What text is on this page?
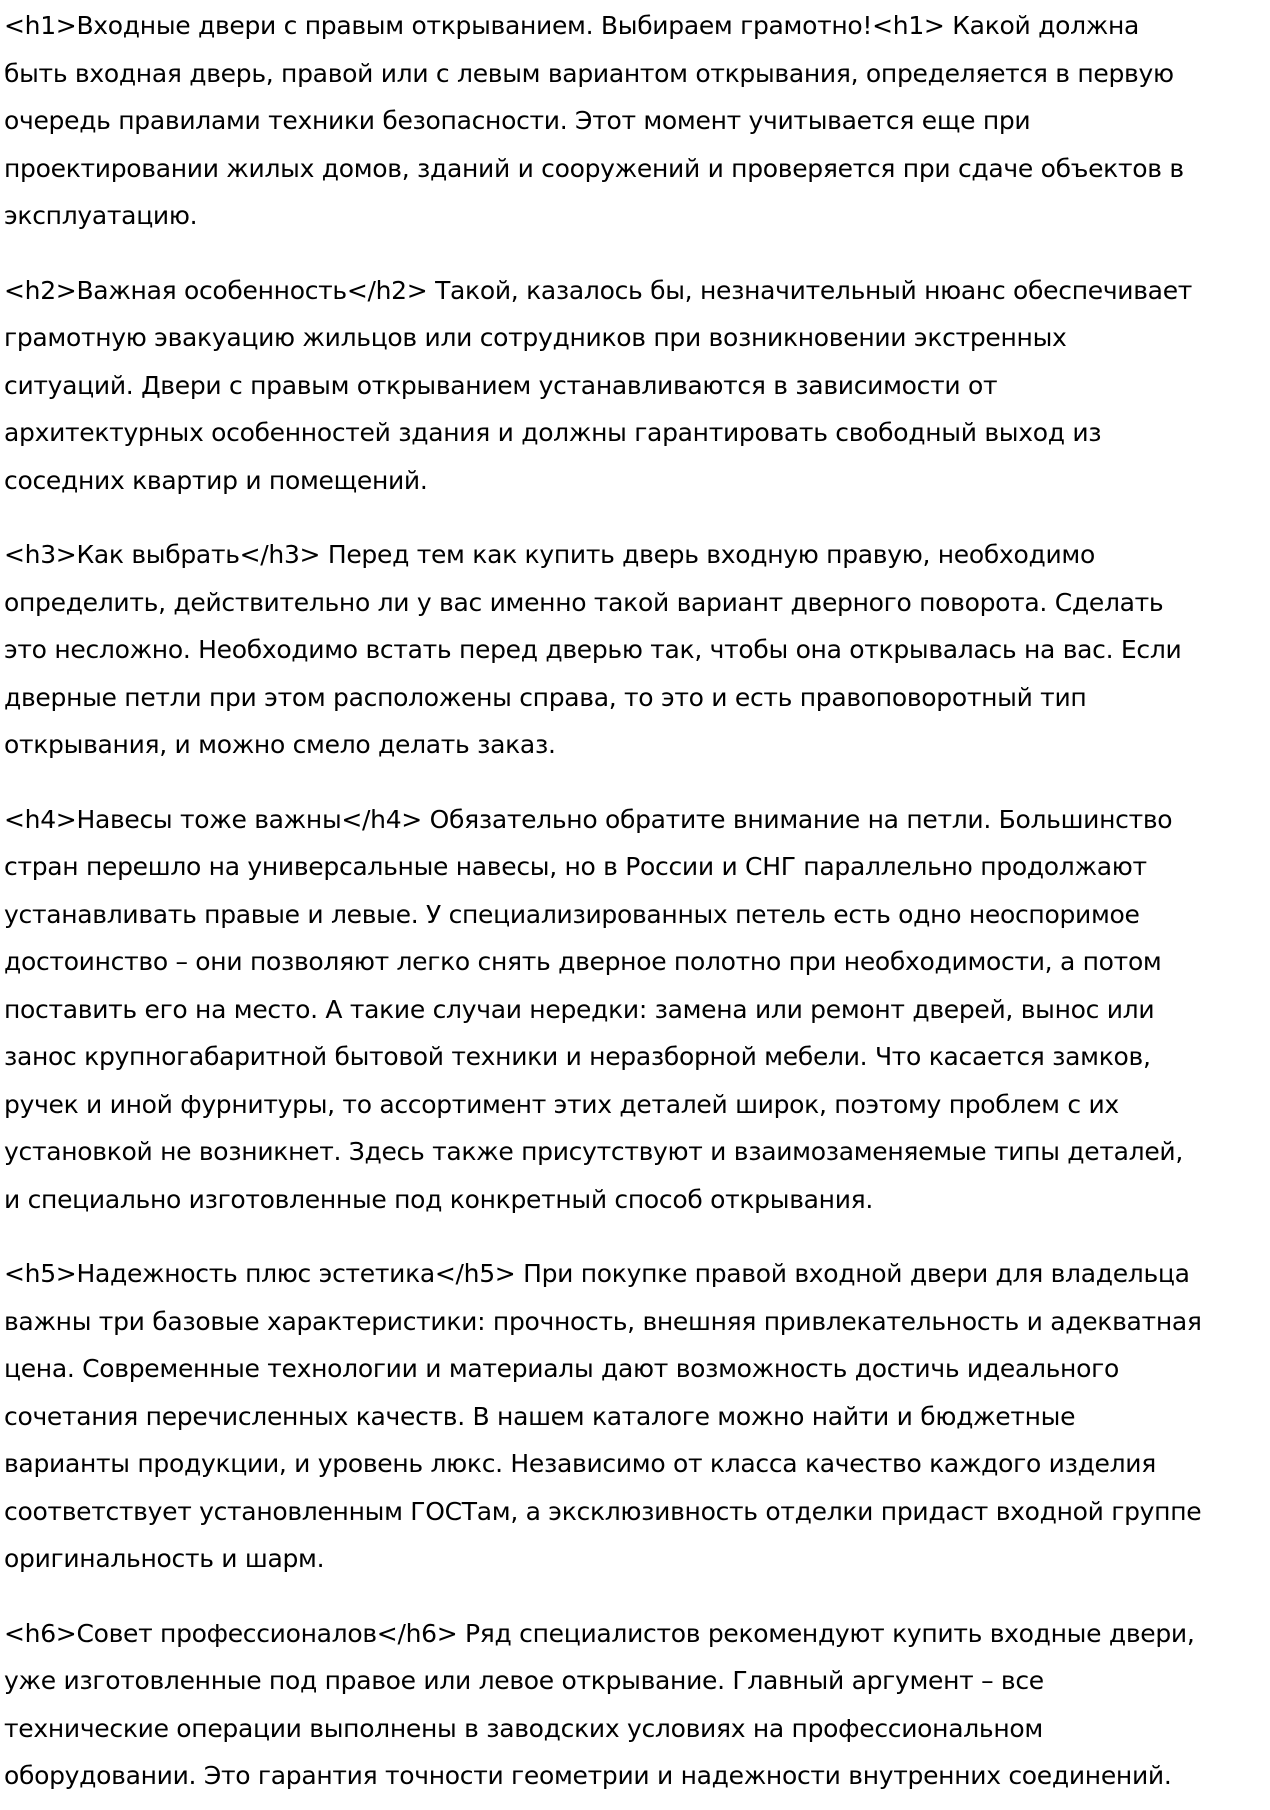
<h1>Входные двери с правым открыванием. Выбираем грамотно!<h1> Какой должна
быть входная дверь, правой или с левым вариантом открывания, определяется в первую
очередь правилами техники безопасности. Этот момент учитывается еще при
проектировании жилых домов, зданий и сооружений и проверяется при сдаче объектов в
эксплуатацию.
<h2>Важная особенность</h2> Такой, казалось бы, незначительный нюанс обеспечивает
грамотную эвакуацию жильцов или сотрудников при возникновении экстренных
ситуаций. Двери с правым открыванием устанавливаются в зависимости от
архитектурных особенностей здания и должны гарантировать свободный выход из
соседних квартир и помещений.
<h3>Как выбрать</h3> Перед тем как купить дверь входную правую, необходимо
определить, действительно ли у вас именно такой вариант дверного поворота. Сделать
это несложно. Необходимо встать перед дверью так, чтобы она открывалась на вас. Если
дверные петли при этом расположены справа, то это и есть правоповоротный тип
открывания, и можно смело делать заказ.
<h4>Навесы тоже важны</h4> Обязательно обратите внимание на петли. Большинство
стран перешло на универсальные навесы, но в России и СНГ параллельно продолжают
устанавливать правые и левые. У специализированных петель есть одно неоспоримое
достоинство – они позволяют легко снять дверное полотно при необходимости, а потом
поставить его на место. А такие случаи нередки: замена или ремонт дверей, вынос или
занос крупногабаритной бытовой техники и неразборной мебели. Что касается замков,
ручек и иной фурнитуры, то ассортимент этих деталей широк, поэтому проблем с их
установкой не возникнет. Здесь также присутствуют и взаимозаменяемые типы деталей,
и специально изготовленные под конкретный способ открывания.
<h5>Надежность плюс эстетика</h5> При покупке правой входной двери для владельца
важны три базовые характеристики: прочность, внешняя привлекательность и адекватная
цена. Современные технологии и материалы дают возможность достичь идеального
сочетания перечисленных качеств. В нашем каталоге можно найти и бюджетные
варианты продукции, и уровень люкс. Независимо от класса качество каждого изделия
соответствует установленным ГОСТам, а эксклюзивность отделки придаст входной группе
оригинальность и шарм.
<h6>Совет профессионалов</h6> Ряд специалистов рекомендуют купить входные двери,
уже изготовленные под правое или левое открывание. Главный аргумент – все
технические операции выполнены в заводских условиях на профессиональном
оборудовании. Это гарантия точности геометрии и надежности внутренних соединений.
